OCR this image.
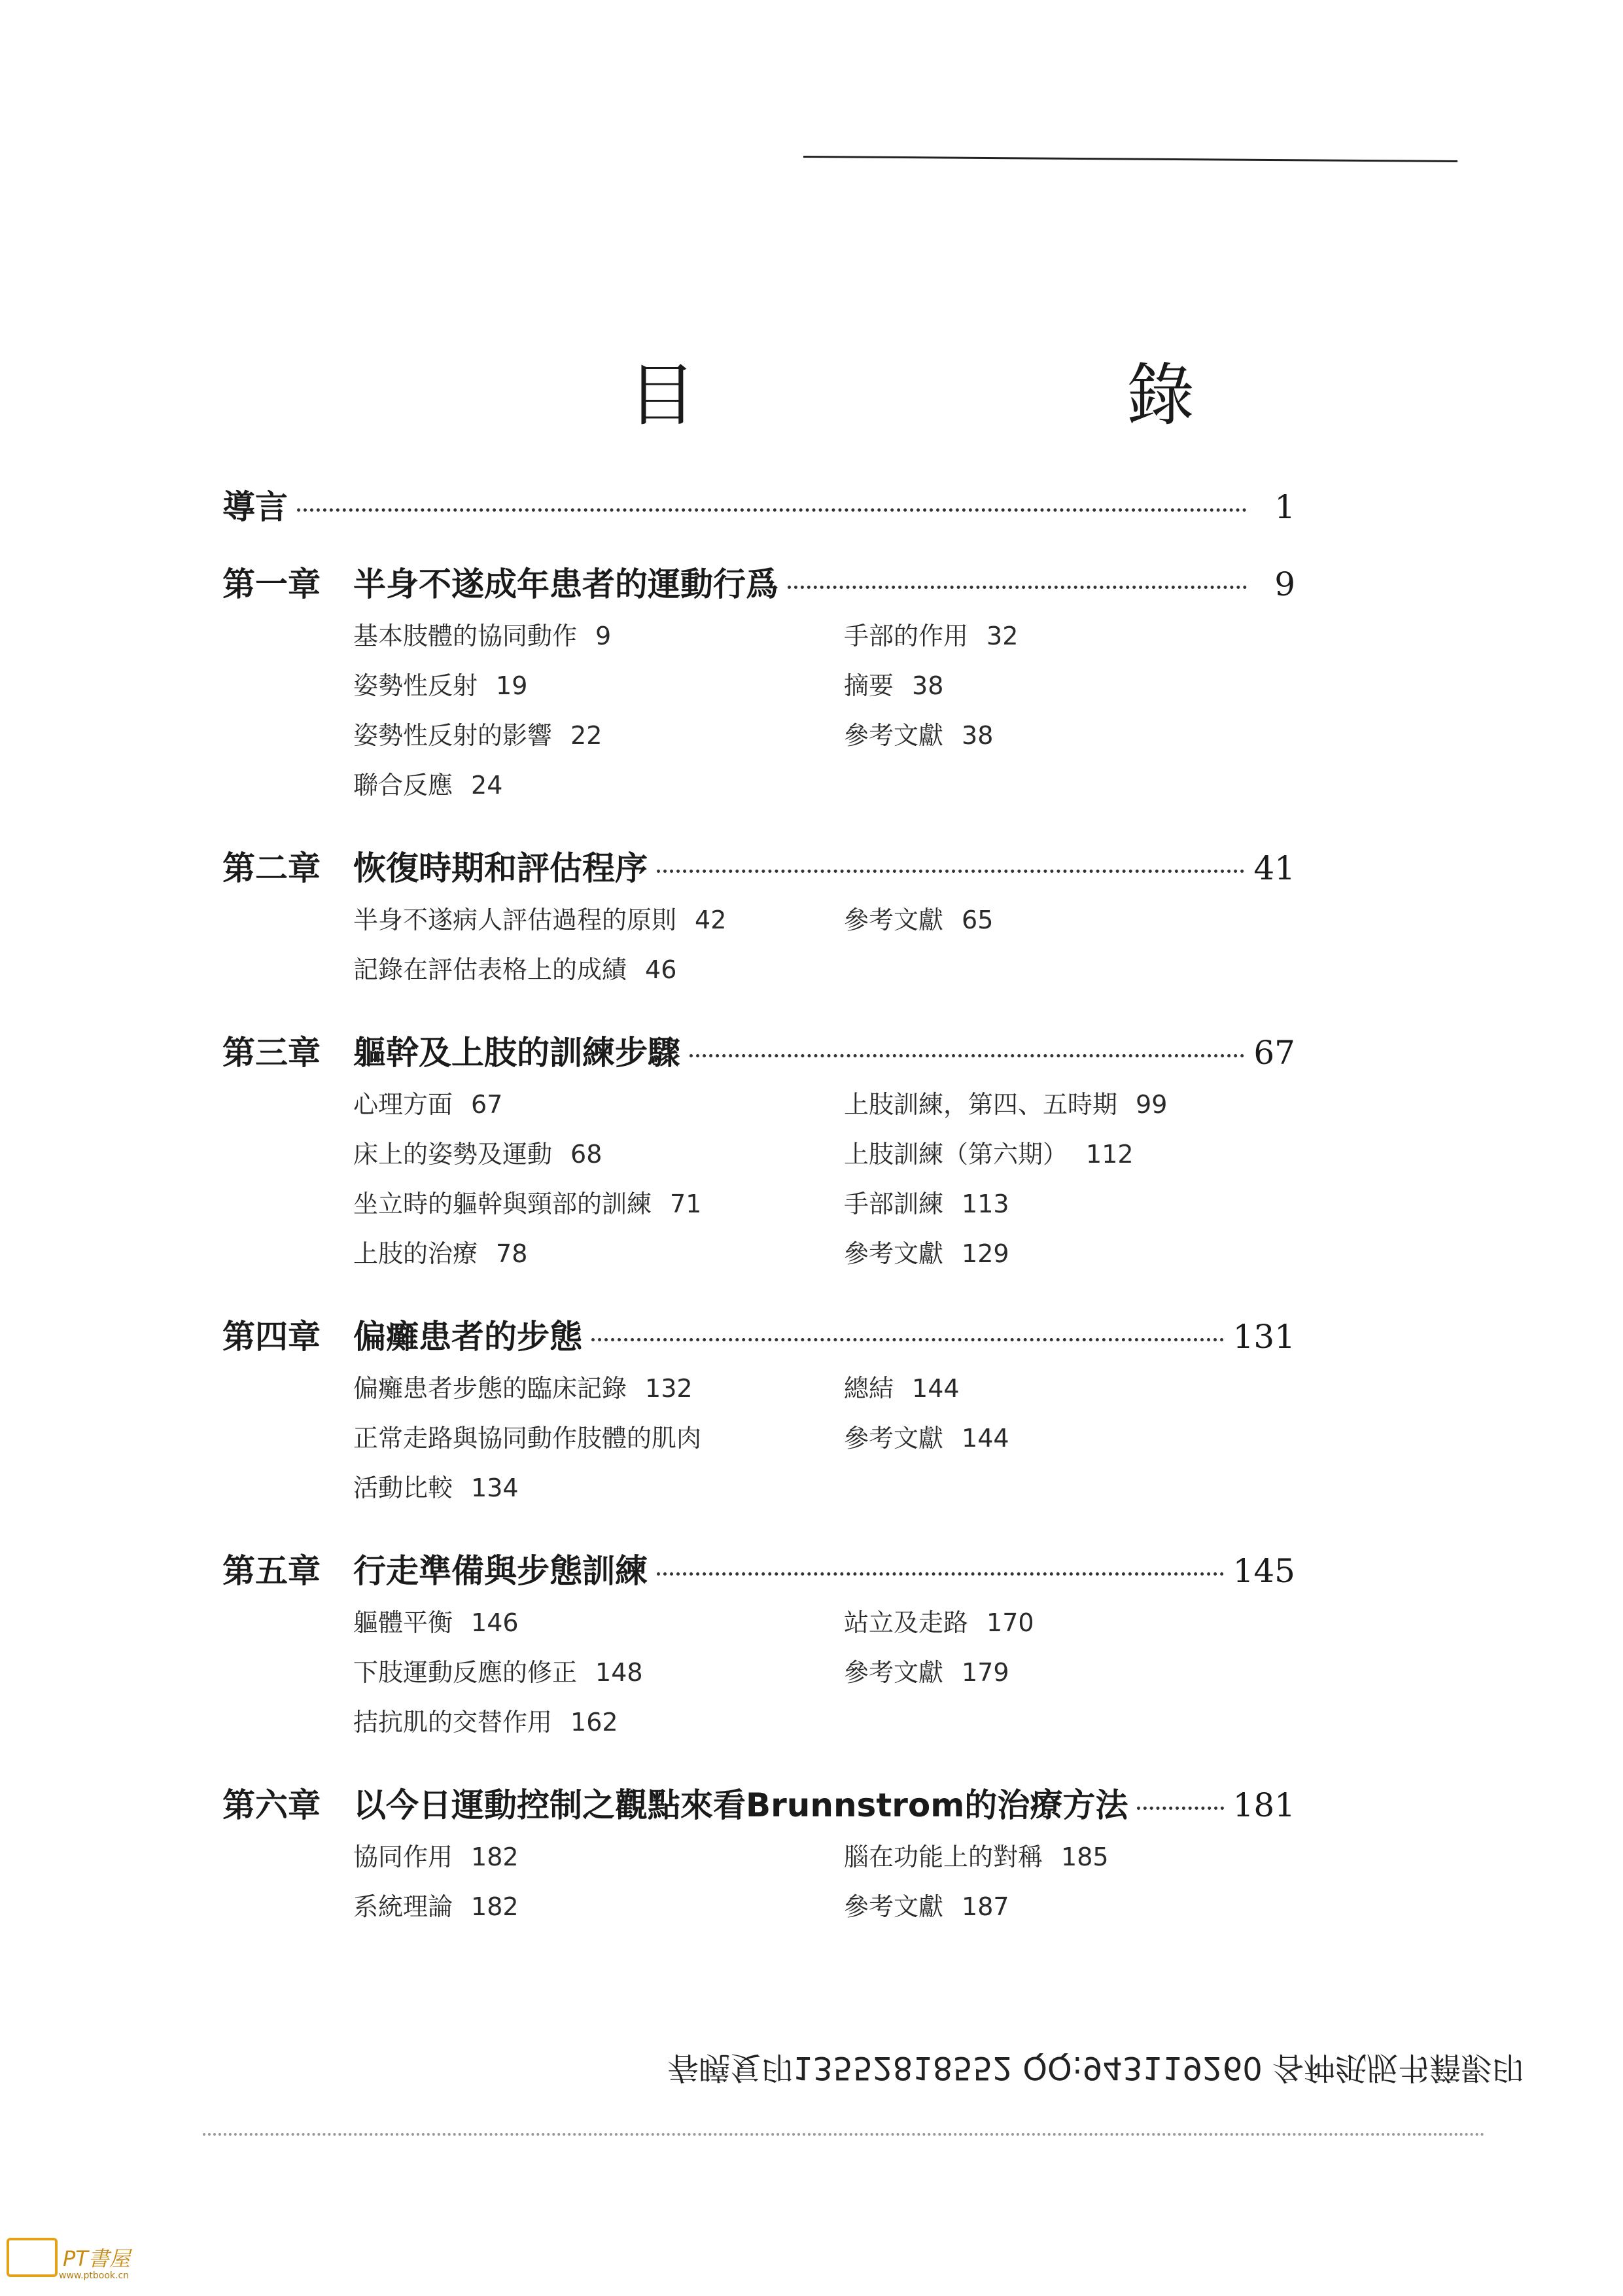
目　　錄
導言	1
第一章	半身不遂成年患者的運動行爲	9
基本肢體的協同動作 9	手部的作用 32
姿勢性反射 19	摘要 38
姿勢性反射的影響 22	參考文獻 38
聯合反應 24
第二章	恢復時期和評估程序	41
半身不遂病人評估過程的原則 42	參考文獻 65
記錄在評估表格上的成績 46
第三章	軀幹及上肢的訓練步驟	67
心理方面 67	上肢訓練，第四、五時期 99
床上的姿勢及運動 68	上肢訓練（第六期） 112
坐立時的軀幹與頸部的訓練 71	手部訓練 113
上肢的治療 78	參考文獻 129
第四章	偏癱患者的步態	131
偏癱患者步態的臨床記錄 132	總結 144
正常走路與協同動作肢體的肌肉	參考文獻 144
活動比較 134
第五章	行走準備與步態訓練	145
軀體平衡 146	站立及走路 170
下肢運動反應的修正 148	參考文獻 179
拮抗肌的交替作用 162
第六章	以今日運動控制之觀點來看Brunnstrom的治療方法	181
協同作用 182	腦在功能上的對稱 185
系統理論 182	參考文獻 187
春曉复印13552818552 QQ:943119260 各种纸版书籍影印
PT書屋
www.ptbook.cn
